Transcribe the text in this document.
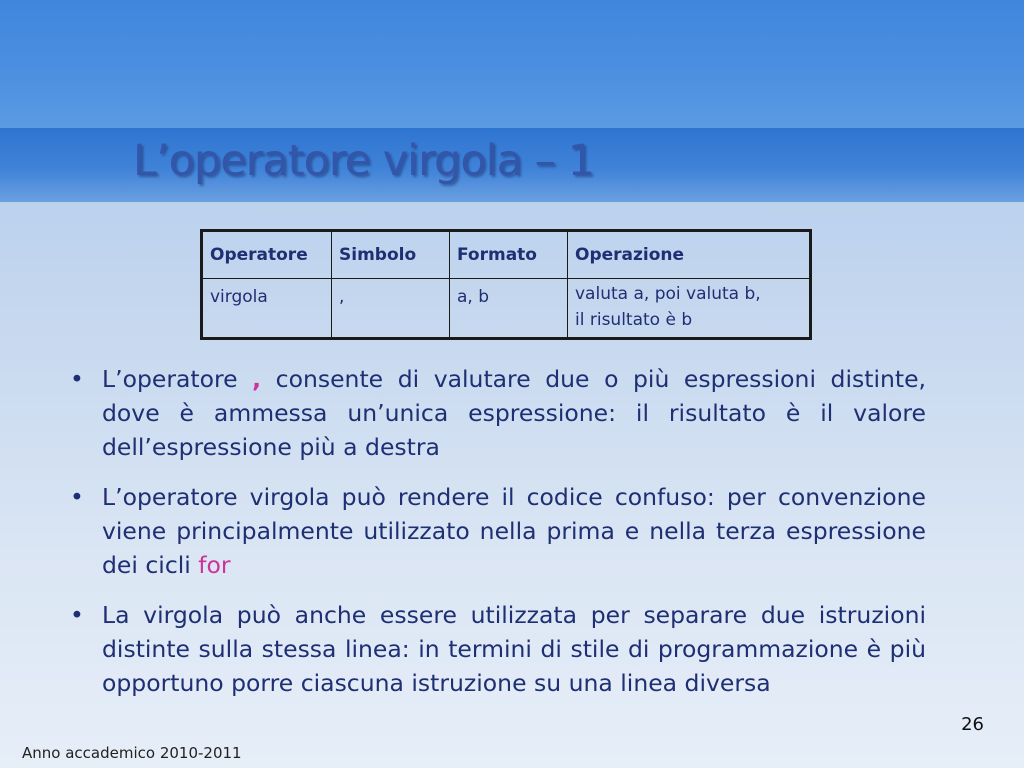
L’operatore virgola – 1
Operatore	Simbolo	Formato	Operazione
virgola	,	a, b	valuta a, poi valuta b,
il risultato è b
• L’operatore , consente di valutare due o più espressioni distinte, dove è ammessa un’unica espressione: il risultato è il valore dell’espressione più a destra
• L’operatore virgola può rendere il codice confuso: per convenzione viene principalmente utilizzato nella prima e nella terza espressione dei cicli for
• La virgola può anche essere utilizzata per separare due istruzioni distinte sulla stessa linea: in termini di stile di programmazione è più opportuno porre ciascuna istruzione su una linea diversa
26
Anno accademico 2010-2011
